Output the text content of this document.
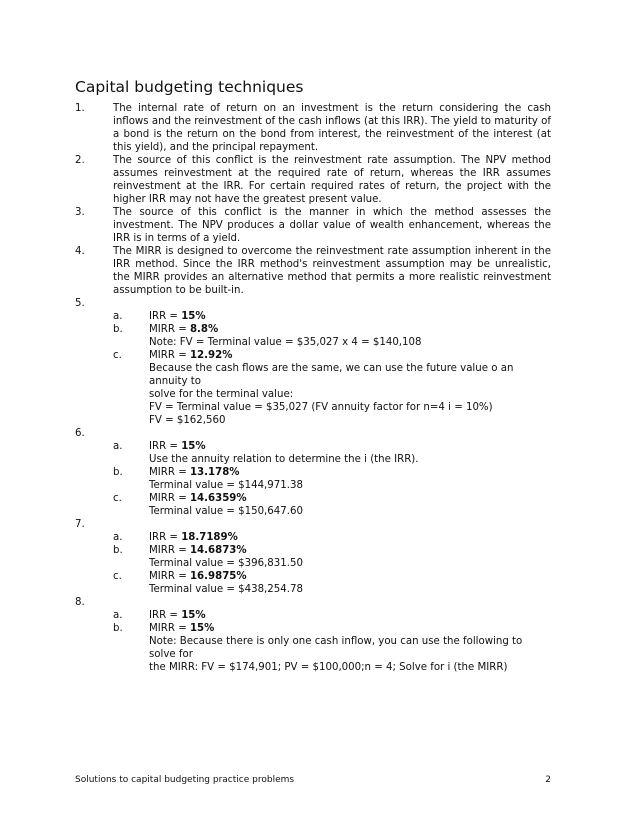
Capital budgeting techniques
1.	The internal rate of return on an investment is the return considering the cash inflows and the reinvestment of the cash inflows (at this IRR). The yield to maturity of a bond is the return on the bond from interest, the reinvestment of the interest (at this yield), and the principal repayment.
2.	The source of this conflict is the reinvestment rate assumption. The NPV method assumes reinvestment at the required rate of return, whereas the IRR assumes reinvestment at the IRR. For certain required rates of return, the project with the higher IRR may not have the greatest present value.
3.	The source of this conflict is the manner in which the method assesses the investment. The NPV produces a dollar value of wealth enhancement, whereas the IRR is in terms of a yield.
4.	The MIRR is designed to overcome the reinvestment rate assumption inherent in the IRR method. Since the IRR method's reinvestment assumption may be unrealistic, the MIRR provides an alternative method that permits a more realistic reinvestment assumption to be built-in.
5.
a.	IRR = 15%
b.	MIRR = 8.8%
Note: FV = Terminal value = $35,027 x 4 = $140,108
c.	MIRR = 12.92%
Because the cash flows are the same, we can use the future value o an annuity to
solve for the terminal value:
FV = Terminal value = $35,027 (FV annuity factor for n=4 i = 10%)
FV = $162,560
6.
a.	IRR = 15%
Use the annuity relation to determine the i (the IRR).
b.	MIRR = 13.178%
Terminal value = $144,971.38
c.	MIRR = 14.6359%
Terminal value = $150,647.60
7.
a.	IRR = 18.7189%
b.	MIRR = 14.6873%
Terminal value = $396,831.50
c.	MIRR = 16.9875%
Terminal value = $438,254.78
8.
a.	IRR = 15%
b.	MIRR = 15%
Note: Because there is only one cash inflow, you can use the following to solve for
the MIRR: FV = $174,901; PV = $100,000;n = 4; Solve for i (the MIRR)
Solutions to capital budgeting practice problems	2
